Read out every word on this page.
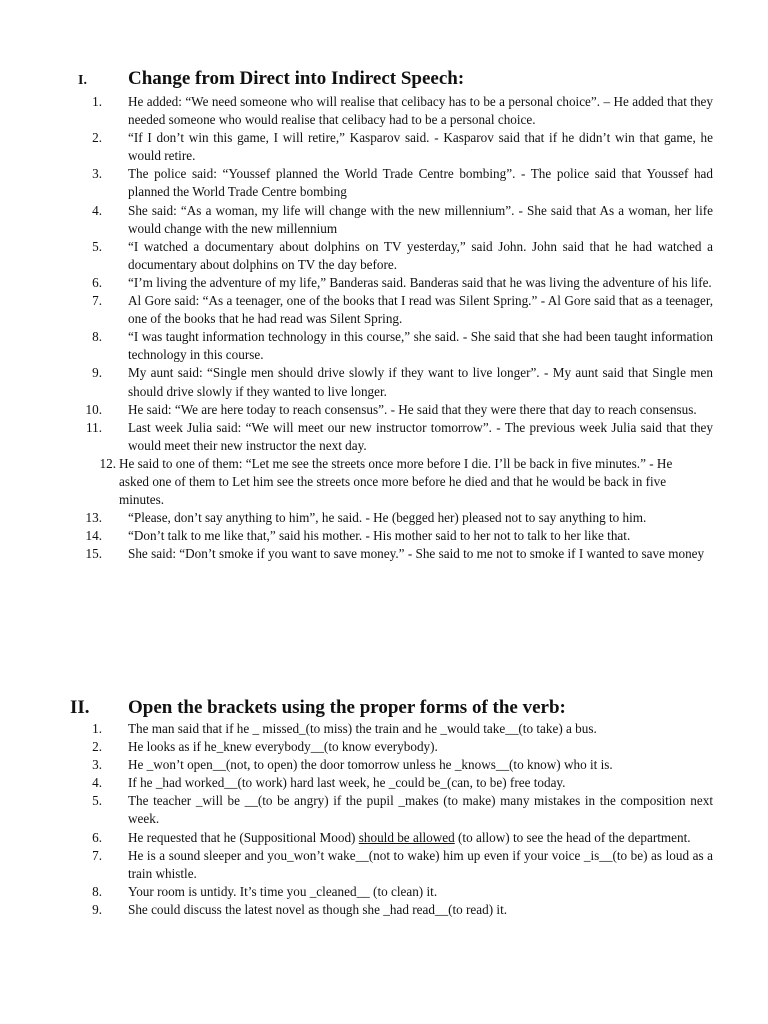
I.	Change from Direct into Indirect Speech:
1. He added: “We need someone who will realise that celibacy has to be a personal choice”. – He added that they needed someone who would realise that celibacy had to be a personal choice.
2. “If I don’t win this game, I will retire,” Kasparov said. - Kasparov said that if he didn’t win that game, he would retire.
3. The police said: “Youssef planned the World Trade Centre bombing”. - The police said that Youssef had planned the World Trade Centre bombing
4. She said: “As a woman, my life will change with the new millennium”. - She said that As a woman, her life would change with the new millennium
5. “I watched a documentary about dolphins on TV yesterday,” said John. John said that he had watched a documentary about dolphins on TV the day before.
6. “I’m living the adventure of my life,” Banderas said. Banderas said that he was living the adventure of his life.
7. Al Gore said: “As a teenager, one of the books that I read was Silent Spring.” - Al Gore said that as a teenager, one of the books that he had read was Silent Spring.
8. “I was taught information technology in this course,” she said. - She said that she had been taught information technology in this course.
9. My aunt said: “Single men should drive slowly if they want to live longer”. - My aunt said that Single men should drive slowly if they wanted to live longer.
10. He said: “We are here today to reach consensus”. - He said that they were there that day to reach consensus.
11. Last week Julia said: “We will meet our new instructor tomorrow”. - The previous week Julia said that they would meet their new instructor the next day.
12. He said to one of them: “Let me see the streets once more before I die. I’ll be back in five minutes.” - He asked one of them to Let him see the streets once more before he died and that he would be back in five minutes.
13. “Please, don’t say anything to him”, he said. - He (begged her) pleased not to say anything to him.
14. “Don’t talk to me like that,” said his mother. - His mother said to her not to talk to her like that.
15. She said: “Don’t smoke if you want to save money.” - She said to me not to smoke if I wanted to save money
II.	Open the brackets using the proper forms of the verb:
1. The man said that if he _ missed_(to miss) the train and he _would take__(to take) a bus.
2. He looks as if he_knew everybody__(to know everybody).
3. He _won’t open__(not, to open) the door tomorrow unless he _knows__(to know) who it is.
4. If he _had worked__(to work) hard last week, he _could be_(can, to be) free today.
5. The teacher _will be __(to be angry) if the pupil _makes (to make) many mistakes in the composition next week.
6. He requested that he (Suppositional Mood) should be allowed (to allow) to see the head of the department.
7. He is a sound sleeper and you_won’t wake__(not to wake) him up even if your voice _is__(to be) as loud as a train whistle.
8. Your room is untidy. It’s time you _cleaned__ (to clean) it.
9. She could discuss the latest novel as though she _had read__(to read) it.
